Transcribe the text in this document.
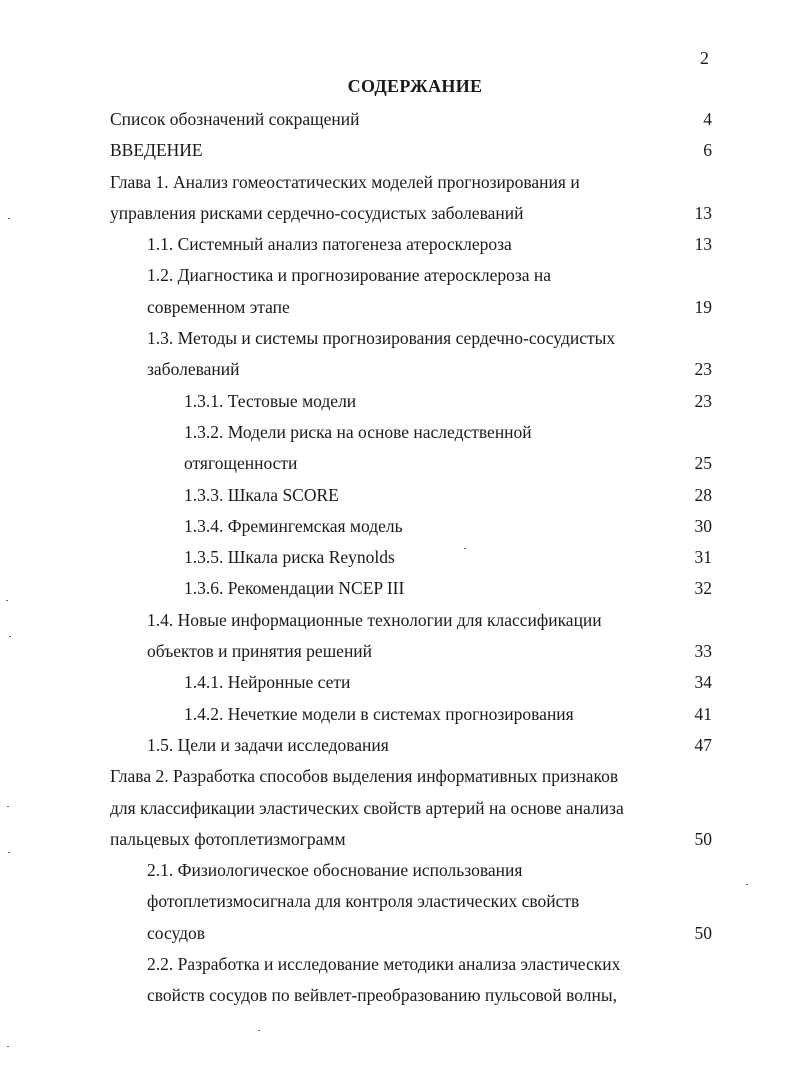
2
СОДЕРЖАНИЕ
Список обозначений сокращений	4
ВВЕДЕНИЕ	6
Глава 1. Анализ гомеостатических моделей прогнозирования и
управления рисками сердечно-сосудистых заболеваний	13
1.1. Системный анализ патогенеза атеросклероза	13
1.2. Диагностика и прогнозирование атеросклероза на
современном этапе	19
1.3. Методы и системы прогнозирования сердечно-сосудистых
заболеваний	23
1.3.1. Тестовые модели	23
1.3.2. Модели риска на основе наследственной
отягощенности	25
1.3.3. Шкала SCORE	28
1.3.4. Фремингемская модель	30
1.3.5. Шкала риска Reynolds	31
1.3.6. Рекомендации NCEP III	32
1.4. Новые информационные технологии для классификации
объектов и принятия решений	33
1.4.1. Нейронные сети	34
1.4.2. Нечеткие модели в системах прогнозирования	41
1.5. Цели и задачи исследования	47
Глава 2. Разработка способов выделения информативных признаков
для классификации эластических свойств артерий на основе анализа
пальцевых фотоплетизмограмм	50
2.1. Физиологическое обоснование использования
фотоплетизмосигнала для контроля эластических свойств
сосудов	50
2.2. Разработка и исследование методики анализа эластических
свойств сосудов по вейвлет-преобразованию пульсовой волны,
